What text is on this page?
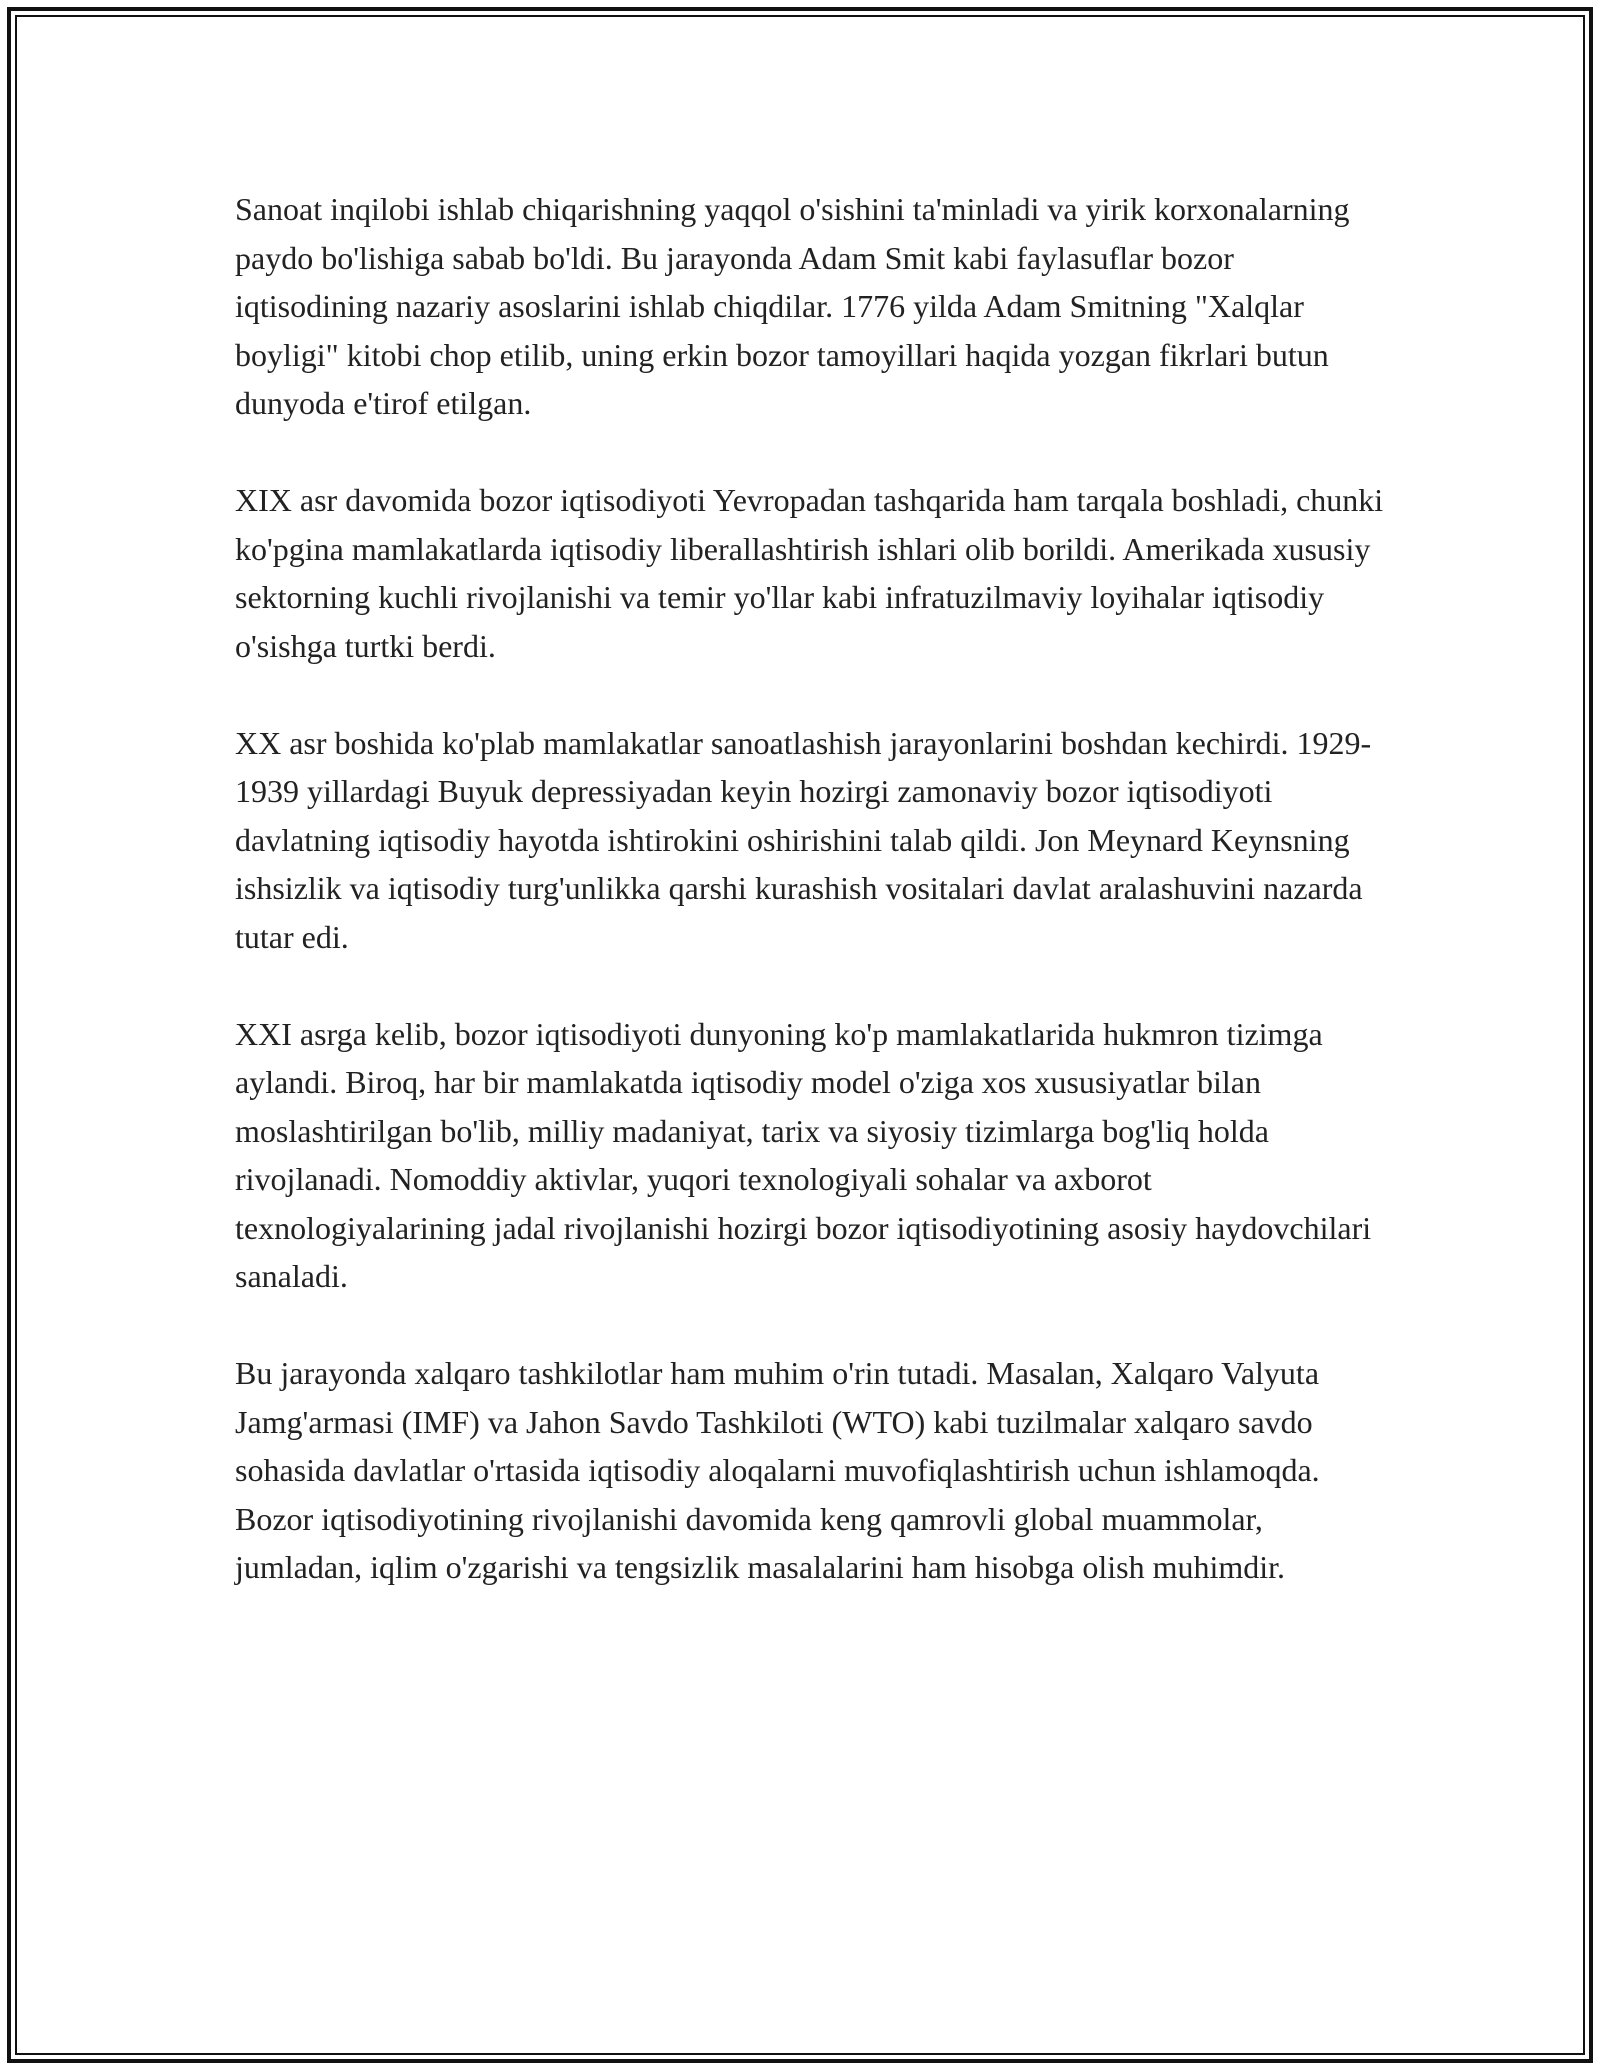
Sanoat inqilobi ishlab chiqarishning yaqqol o'sishini ta'minladi va yirik korxonalarning paydo bo'lishiga sabab bo'ldi. Bu jarayonda Adam Smit kabi faylasuflar bozor iqtisodining nazariy asoslarini ishlab chiqdilar. 1776 yilda Adam Smitning "Xalqlar boyligi" kitobi chop etilib, uning erkin bozor tamoyillari haqida yozgan fikrlari butun dunyoda e'tirof etilgan.

XIX asr davomida bozor iqtisodiyoti Yevropadan tashqarida ham tarqala boshladi, chunki ko'pgina mamlakatlarda iqtisodiy liberallashtirish ishlari olib borildi. Amerikada xususiy sektorning kuchli rivojlanishi va temir yo'llar kabi infratuzilmaviy loyihalar iqtisodiy o'sishga turtki berdi.

XX asr boshida ko'plab mamlakatlar sanoatlashish jarayonlarini boshdan kechirdi. 1929-1939 yillardagi Buyuk depressiyadan keyin hozirgi zamonaviy bozor iqtisodiyoti davlatning iqtisodiy hayotda ishtirokini oshirishini talab qildi. Jon Meynard Keynsning ishsizlik va iqtisodiy turg'unlikka qarshi kurashish vositalari davlat aralashuvini nazarda tutar edi.

XXI asrga kelib, bozor iqtisodiyoti dunyoning ko'p mamlakatlarida hukmron tizimga aylandi. Biroq, har bir mamlakatda iqtisodiy model o'ziga xos xususiyatlar bilan moslashtirilgan bo'lib, milliy madaniyat, tarix va siyosiy tizimlarga bog'liq holda rivojlanadi. Nomoddiy aktivlar, yuqori texnologiyali sohalar va axborot texnologiyalarining jadal rivojlanishi hozirgi bozor iqtisodiyotining asosiy haydovchilari sanaladi.

Bu jarayonda xalqaro tashkilotlar ham muhim o'rin tutadi. Masalan, Xalqaro Valyuta Jamg'armasi (IMF) va Jahon Savdo Tashkiloti (WTO) kabi tuzilmalar xalqaro savdo sohasida davlatlar o'rtasida iqtisodiy aloqalarni muvofiqlashtirish uchun ishlamoqda. Bozor iqtisodiyotining rivojlanishi davomida keng qamrovli global muammolar, jumladan, iqlim o'zgarishi va tengsizlik masalalarini ham hisobga olish muhimdir.
